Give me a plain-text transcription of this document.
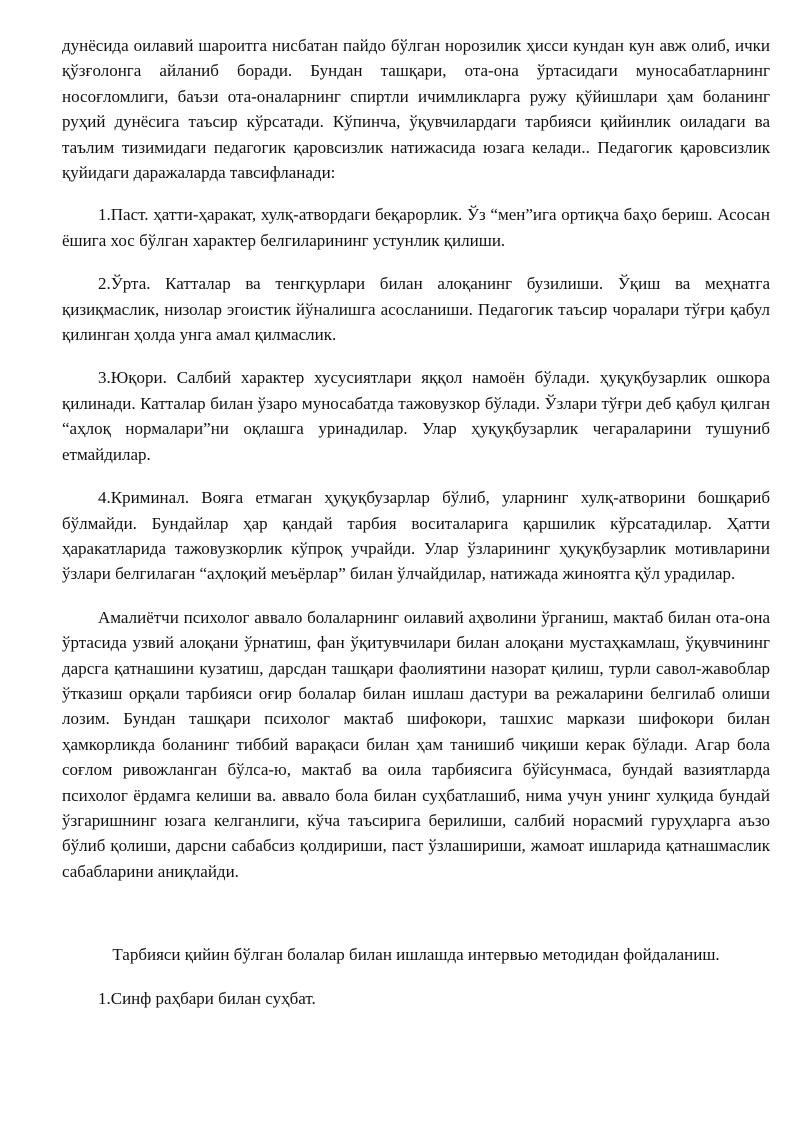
дунёсида оилавий шароитга нисбатан пайдо бўлган норозилик ҳисси кундан кун авж олиб, ички қўзғолонга айланиб боради. Бундан ташқари, ота-она ўртасидаги муносабатларнинг носоғломлиги, баъзи ота-оналарнинг спиртли ичимликларга ружу қўйишлари ҳам боланинг руҳий дунёсига таъсир кўрсатади. Кўпинча, ўқувчилардаги тарбияси қийинлик оиладаги ва таълим тизимидаги педагогик қаровсизлик натижасида юзага келади.. Педагогик қаровсизлик қуйидаги даражаларда тавсифланади:

1.Паст. ҳатти-ҳаракат, хулқ-атвордаги беқарорлик. Ўз “мен”ига ортиқча баҳо бериш. Асосан ёшига хос бўлган характер белгиларининг устунлик қилиши.

2.Ўрта. Катталар ва тенгқурлари билан алоқанинг бузилиши. Ўқиш ва меҳнатга қизиқмаслик, низолар эгоистик йўналишга асосланиши. Педагогик таъсир чоралари тўғри қабул қилинган ҳолда унга амал қилмаслик.

3.Юқори. Салбий характер хусусиятлари яққол намоён бўлади. ҳуқуқбузарлик ошкора қилинади. Катталар билан ўзаро муносабатда тажовузкор бўлади. Ўзлари тўғри деб қабул қилган “аҳлоқ нормалари”ни оқлашга уринадилар. Улар ҳуқуқбузарлик чегараларини тушуниб етмайдилар.

4.Криминал. Вояга етмаган ҳуқуқбузарлар бўлиб, уларнинг хулқ-атворини бошқариб бўлмайди. Бундайлар ҳар қандай тарбия воситаларига қаршилик кўрсатадилар. Ҳатти ҳаракатларида тажовузкорлик кўпроқ учрайди. Улар ўзларининг ҳуқуқбузарлик мотивларини ўзлари белгилаган “аҳлоқий меъёрлар” билан ўлчайдилар, натижада жиноятга қўл урадилар.

Амалиётчи психолог аввало болаларнинг оилавий аҳволини ўрганиш, мактаб билан ота-она ўртасида узвий алоқани ўрнатиш, фан ўқитувчилари билан алоқани мустаҳкамлаш, ўқувчининг дарсга қатнашини кузатиш, дарсдан ташқари фаолиятини назорат қилиш, турли савол-жавоблар ўтказиш орқали тарбияси оғир болалар билан ишлаш дастури ва режаларини белгилаб олиши лозим. Бундан ташқари психолог мактаб шифокори, ташхис маркази шифокори билан ҳамкорликда боланинг тиббий варақаси билан ҳам танишиб чиқиши керак бўлади. Агар бола соғлом ривожланган бўлса-ю, мактаб ва оила тарбиясига бўйсунмаса, бундай вазиятларда психолог ёрдамга келиши ва. аввало бола билан суҳбатлашиб, нима учун унинг хулқида бундай ўзгаришнинг юзага келганлиги, кўча таъсирига берилиши, салбий норасмий гуруҳларга аъзо бўлиб қолиши, дарсни сабабсиз қолдириши, паст ўзлашириши, жамоат ишларида қатнашмаслик сабабларини аниқлайди.

Тарбияси қийин бўлган болалар билан ишлашда интервью методидан фойдаланиш.

1.Синф раҳбари билан суҳбат.
